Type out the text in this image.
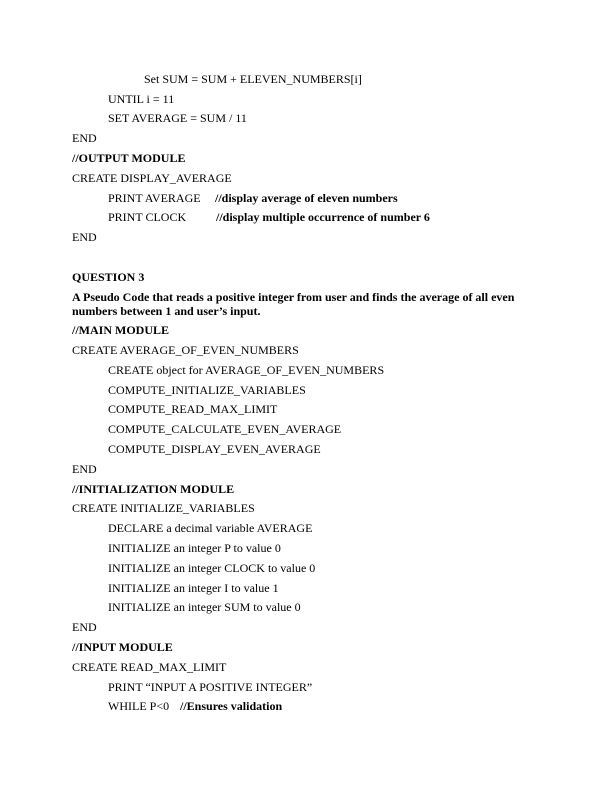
Set SUM = SUM + ELEVEN_NUMBERS[i]
UNTIL i = 11
SET AVERAGE = SUM / 11
END
//OUTPUT MODULE
CREATE DISPLAY_AVERAGE
PRINT AVERAGE //display average of eleven numbers
PRINT CLOCK //display multiple occurrence of number 6
END
QUESTION 3
A Pseudo Code that reads a positive integer from user and finds the average of all even numbers between 1 and user’s input.
//MAIN MODULE
CREATE AVERAGE_OF_EVEN_NUMBERS
CREATE object for AVERAGE_OF_EVEN_NUMBERS
COMPUTE_INITIALIZE_VARIABLES
COMPUTE_READ_MAX_LIMIT
COMPUTE_CALCULATE_EVEN_AVERAGE
COMPUTE_DISPLAY_EVEN_AVERAGE
END
//INITIALIZATION MODULE
CREATE INITIALIZE_VARIABLES
DECLARE a decimal variable AVERAGE
INITIALIZE an integer P to value 0
INITIALIZE an integer CLOCK to value 0
INITIALIZE an integer I to value 1
INITIALIZE an integer SUM to value 0
END
//INPUT MODULE
CREATE READ_MAX_LIMIT
PRINT “INPUT A POSITIVE INTEGER”
WHILE P<0 //Ensures validation
